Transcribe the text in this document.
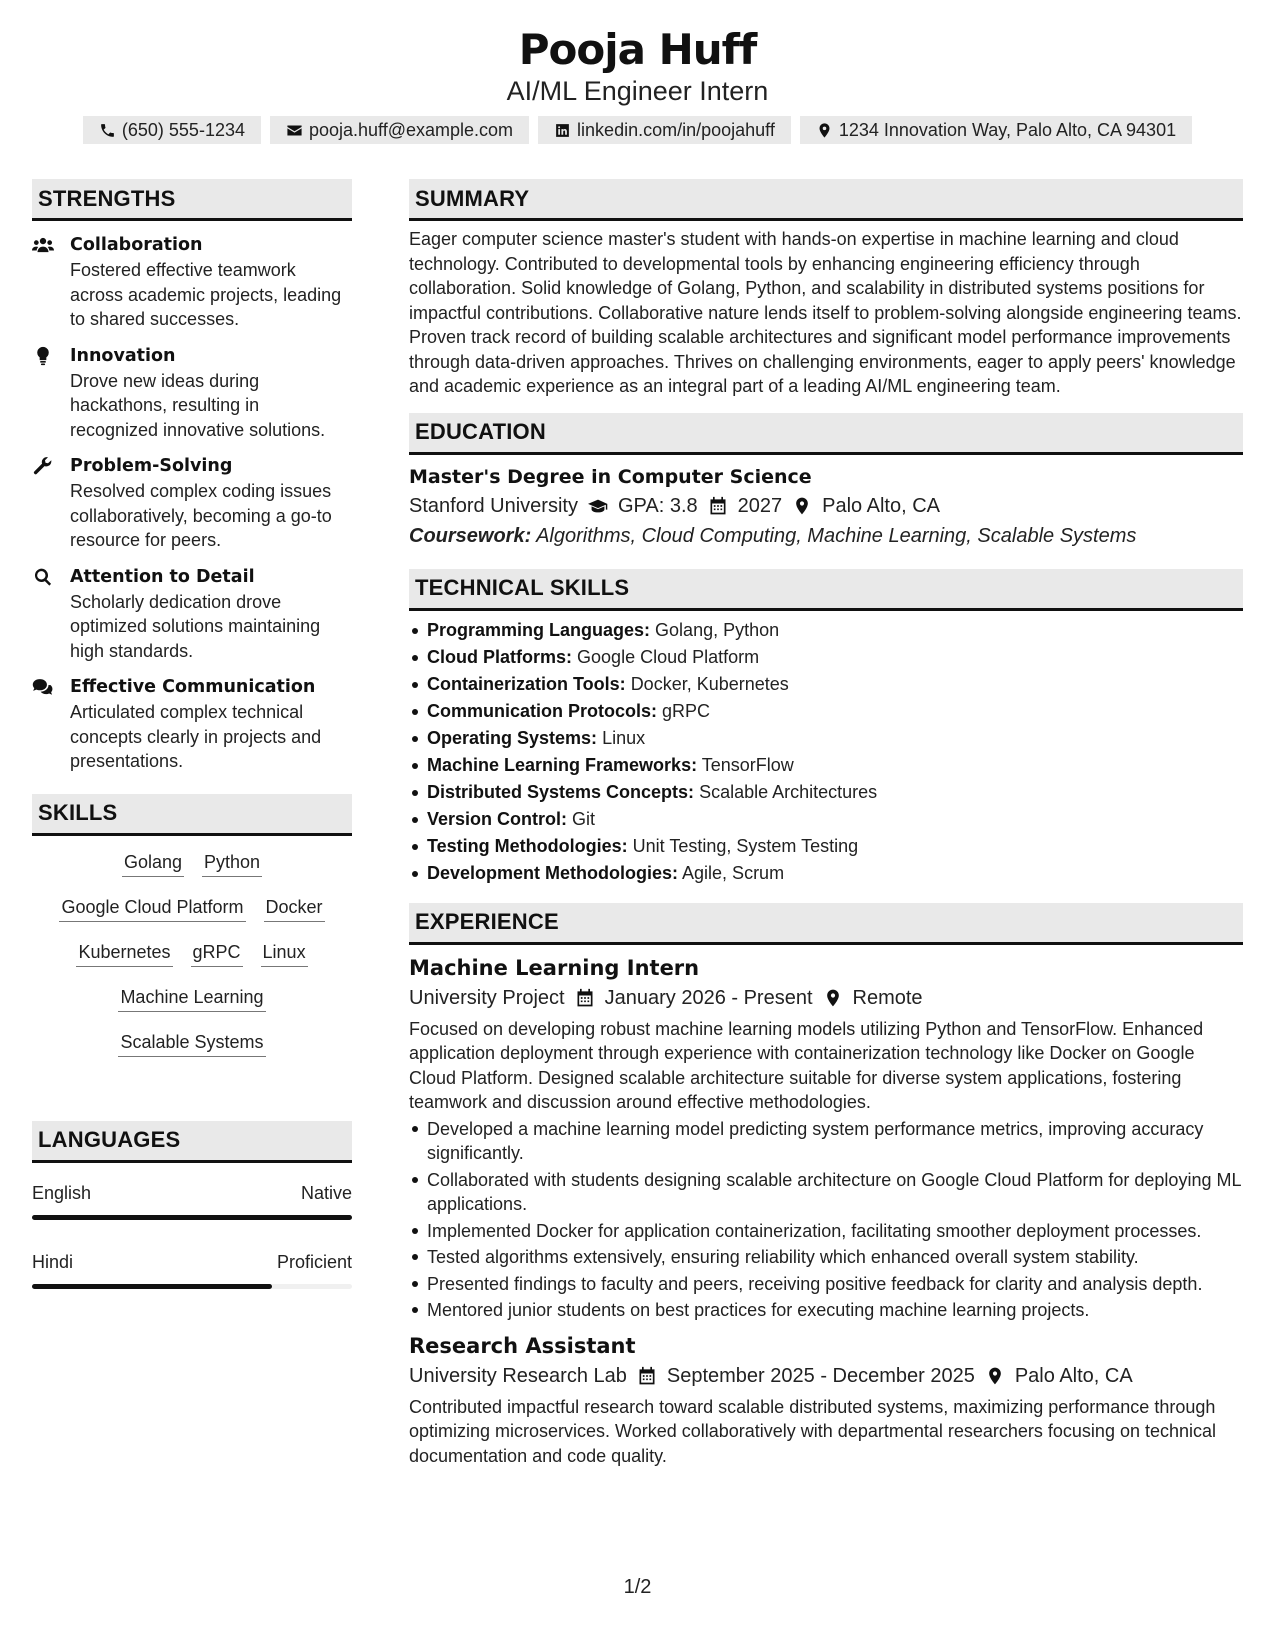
Pooja Huff
AI/ML Engineer Intern
(650) 555-1234	pooja.huff@example.com	linkedin.com/in/poojahuff	1234 Innovation Way, Palo Alto, CA 94301
STRENGTHS
Collaboration
Fostered effective teamwork across academic projects, leading to shared successes.
Innovation
Drove new ideas during hackathons, resulting in recognized innovative solutions.
Problem-Solving
Resolved complex coding issues collaboratively, becoming a go-to resource for peers.
Attention to Detail
Scholarly dedication drove optimized solutions maintaining high standards.
Effective Communication
Articulated complex technical concepts clearly in projects and presentations.
SKILLS
Golang Python
Google Cloud Platform Docker
Kubernetes gRPC Linux
Machine Learning
Scalable Systems
LANGUAGES
English	Native
Hindi	Proficient
SUMMARY

Eager computer science master's student with hands-on expertise in machine learning and cloud technology. Contributed to developmental tools by enhancing engineering efficiency through collaboration. Solid knowledge of Golang, Python, and scalability in distributed systems positions for impactful contributions. Collaborative nature lends itself to problem-solving alongside engineering teams. Proven track record of building scalable architectures and significant model performance improvements through data-driven approaches. Thrives on challenging environments, eager to apply peers' knowledge and academic experience as an integral part of a leading AI/ML engineering team.

EDUCATION
Master's Degree in Computer Science
Stanford University GPA: 3.8 2027 Palo Alto, CA
Coursework: Algorithms, Cloud Computing, Machine Learning, Scalable Systems
TECHNICAL SKILLS
Programming Languages: Golang, Python
Cloud Platforms: Google Cloud Platform
Containerization Tools: Docker, Kubernetes
Communication Protocols: gRPC
Operating Systems: Linux
Machine Learning Frameworks: TensorFlow
Distributed Systems Concepts: Scalable Architectures
Version Control: Git
Testing Methodologies: Unit Testing, System Testing
Development Methodologies: Agile, Scrum
EXPERIENCE
Machine Learning Intern
University Project January 2026 - Present Remote

Focused on developing robust machine learning models utilizing Python and TensorFlow. Enhanced application deployment through experience with containerization technology like Docker on Google Cloud Platform. Designed scalable architecture suitable for diverse system applications, fostering teamwork and discussion around effective methodologies.

Developed a machine learning model predicting system performance metrics, improving accuracy significantly.
Collaborated with students designing scalable architecture on Google Cloud Platform for deploying ML applications.
Implemented Docker for application containerization, facilitating smoother deployment processes.
Tested algorithms extensively, ensuring reliability which enhanced overall system stability.
Presented findings to faculty and peers, receiving positive feedback for clarity and analysis depth.
Mentored junior students on best practices for executing machine learning projects.
Research Assistant
University Research Lab September 2025 - December 2025 Palo Alto, CA

Contributed impactful research toward scalable distributed systems, maximizing performance through optimizing microservices. Worked collaboratively with departmental researchers focusing on technical documentation and code quality.

1/2
